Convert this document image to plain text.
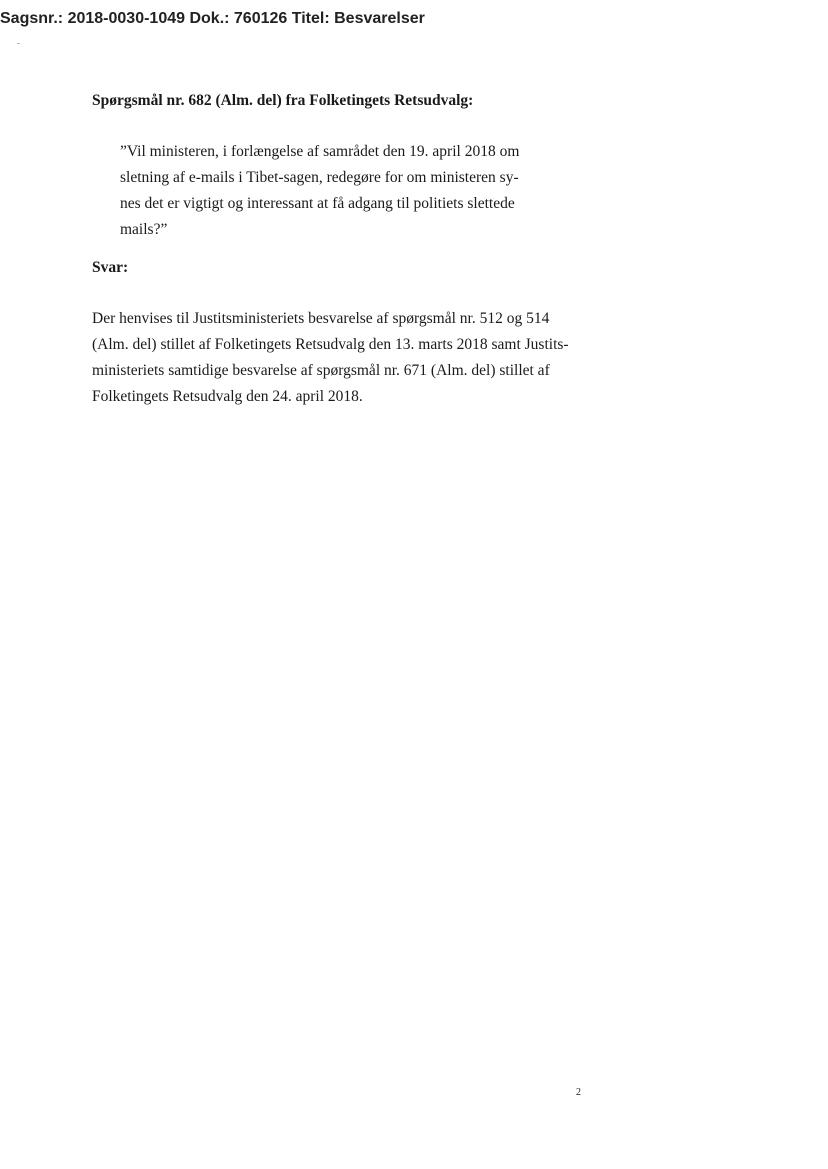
Sagsnr.: 2018-0030-1049 Dok.: 760126 Titel: Besvarelser
Spørgsmål nr. 682 (Alm. del) fra Folketingets Retsudvalg:
”Vil ministeren, i forlængelse af samrådet den 19. april 2018 om
sletning af e-mails i Tibet-sagen, redegøre for om ministeren sy-
nes det er vigtigt og interessant at få adgang til politiets slettede
mails?”
Svar:
Der henvises til Justitsministeriets besvarelse af spørgsmål nr. 512 og 514
(Alm. del) stillet af Folketingets Retsudvalg den 13. marts 2018 samt Justits-
ministeriets samtidige besvarelse af spørgsmål nr. 671 (Alm. del) stillet af
Folketingets Retsudvalg den 24. april 2018.
2
